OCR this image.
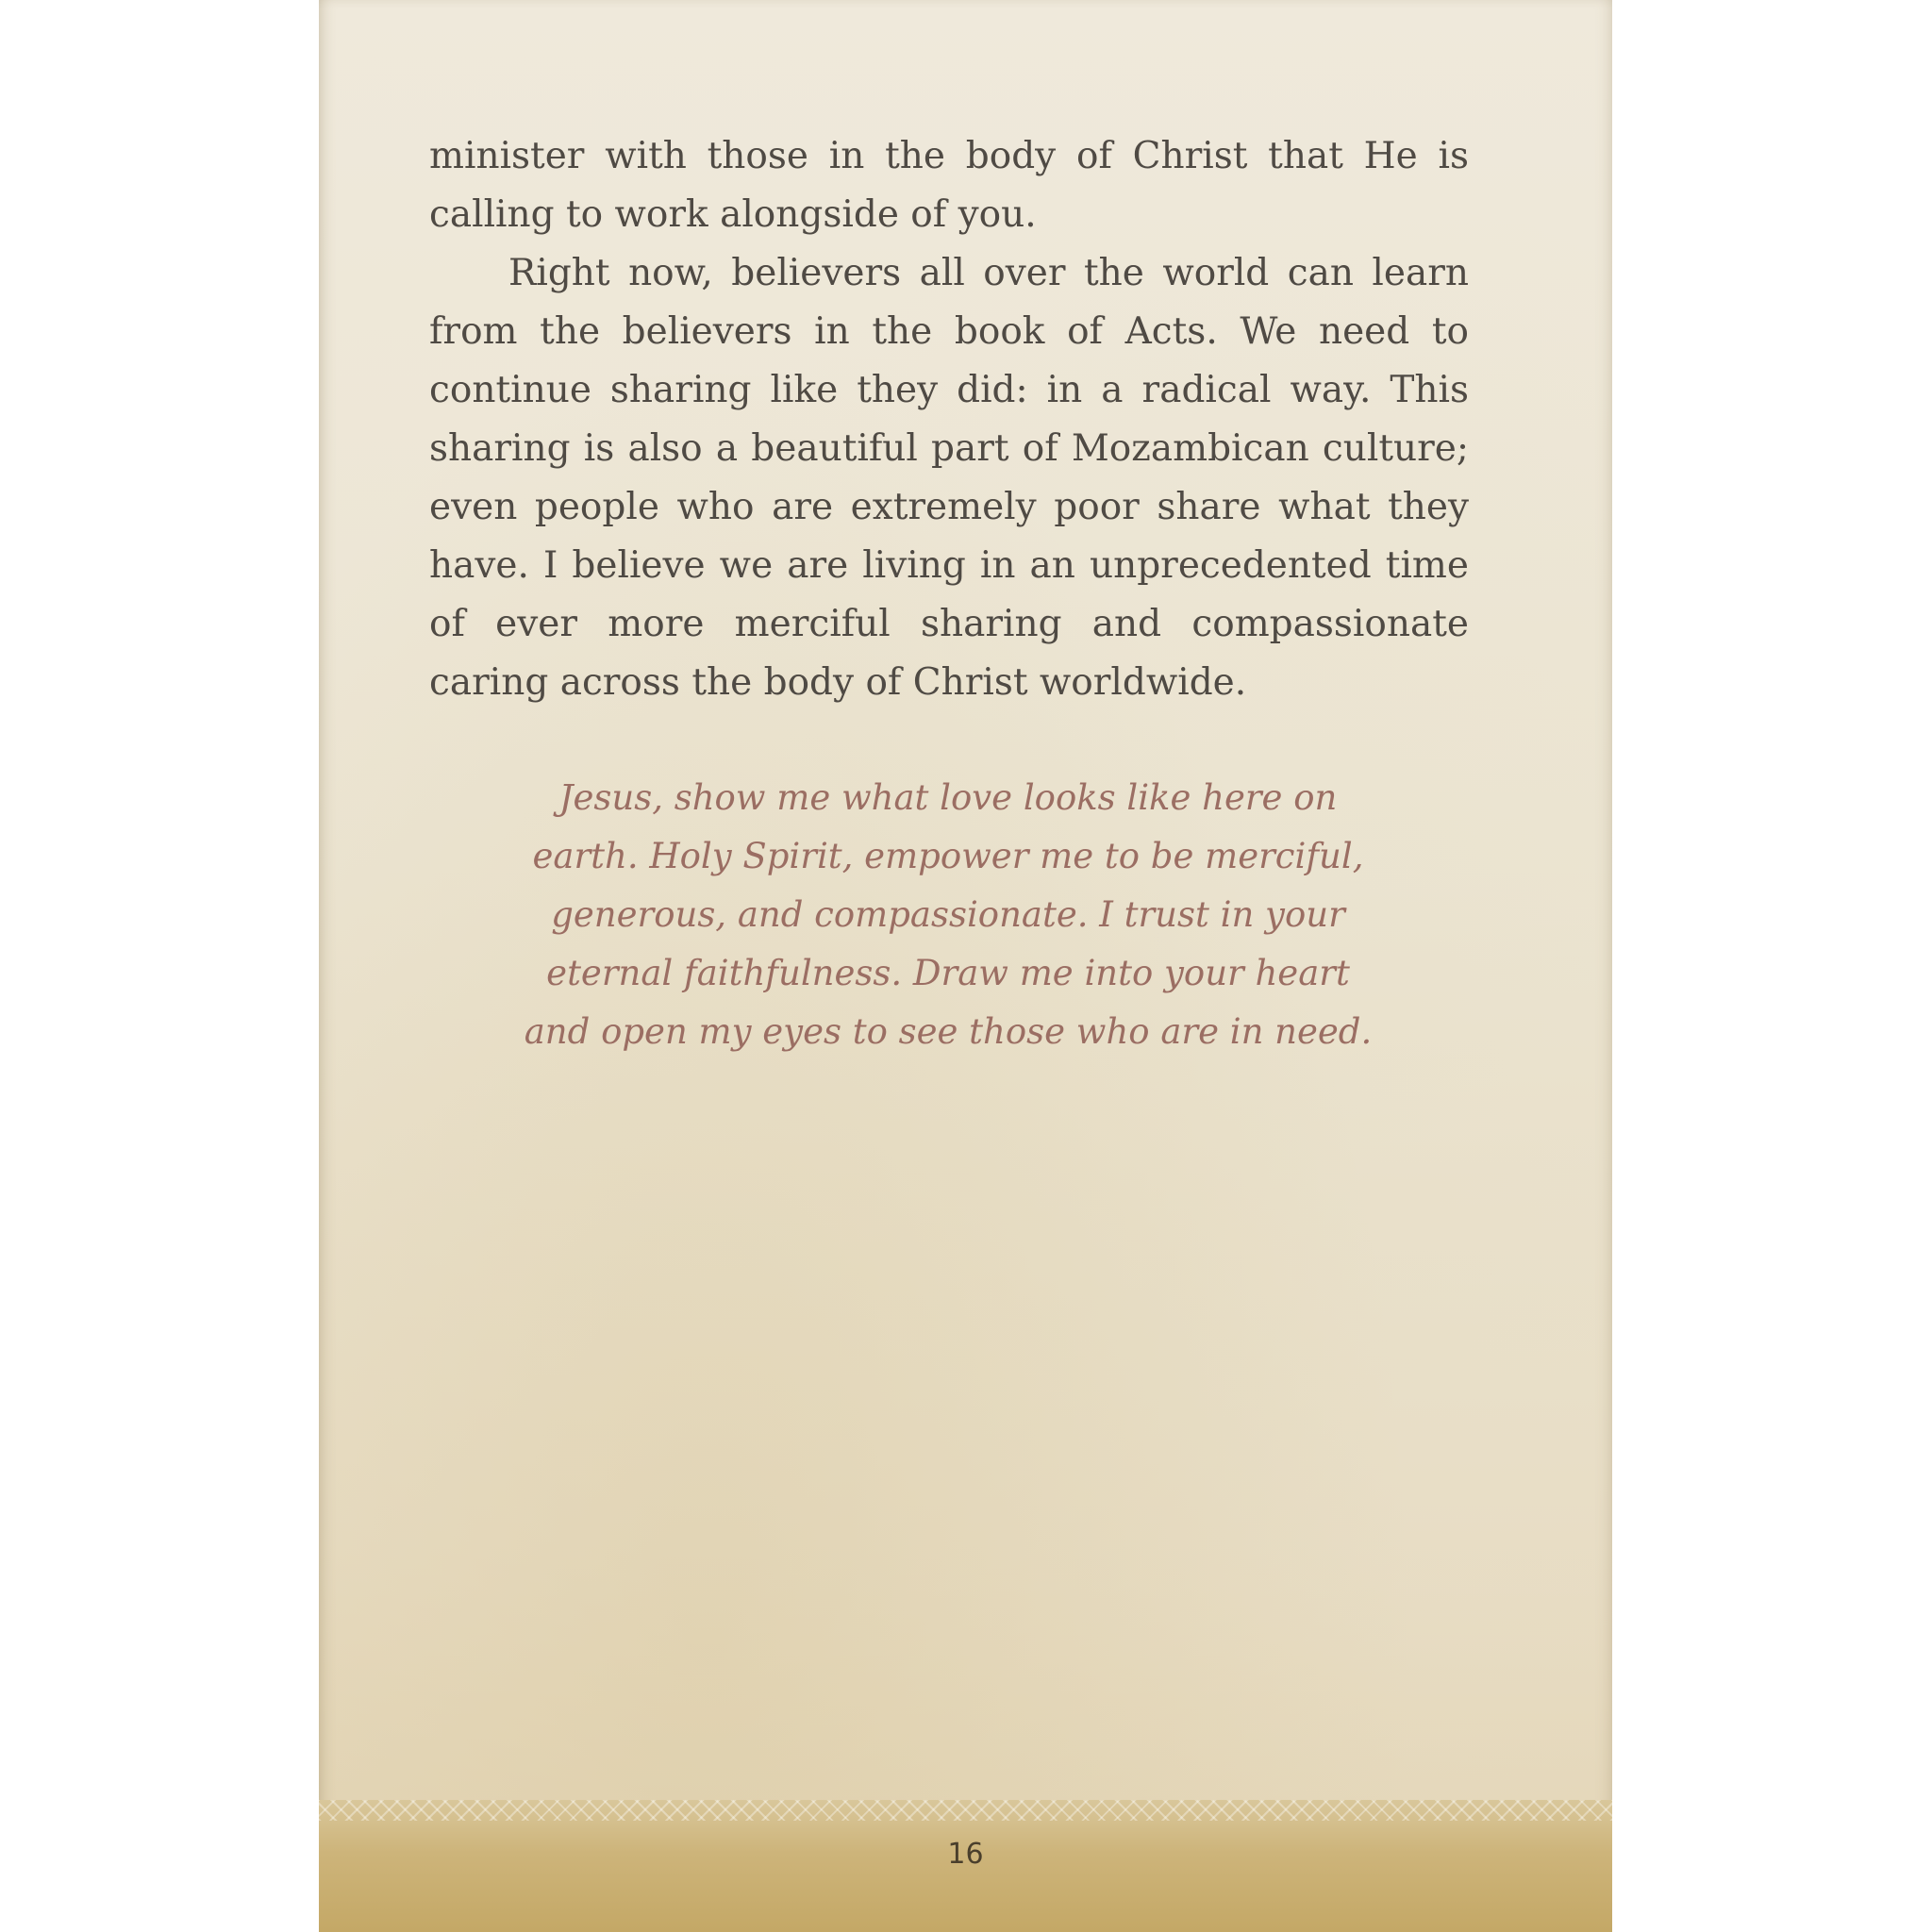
minister with those in the body of Christ that He is calling to work alongside of you.

Right now, believers all over the world can learn from the believers in the book of Acts. We need to continue sharing like they did: in a radical way. This sharing is also a beautiful part of Mozambican culture; even people who are extremely poor share what they have. I believe we are living in an unprecedented time of ever more merciful sharing and compassionate caring across the body of Christ worldwide.

Jesus, show me what love looks like here on earth. Holy Spirit, empower me to be merciful, generous, and compassionate. I trust in your eternal faithfulness. Draw me into your heart and open my eyes to see those who are in need.
16
